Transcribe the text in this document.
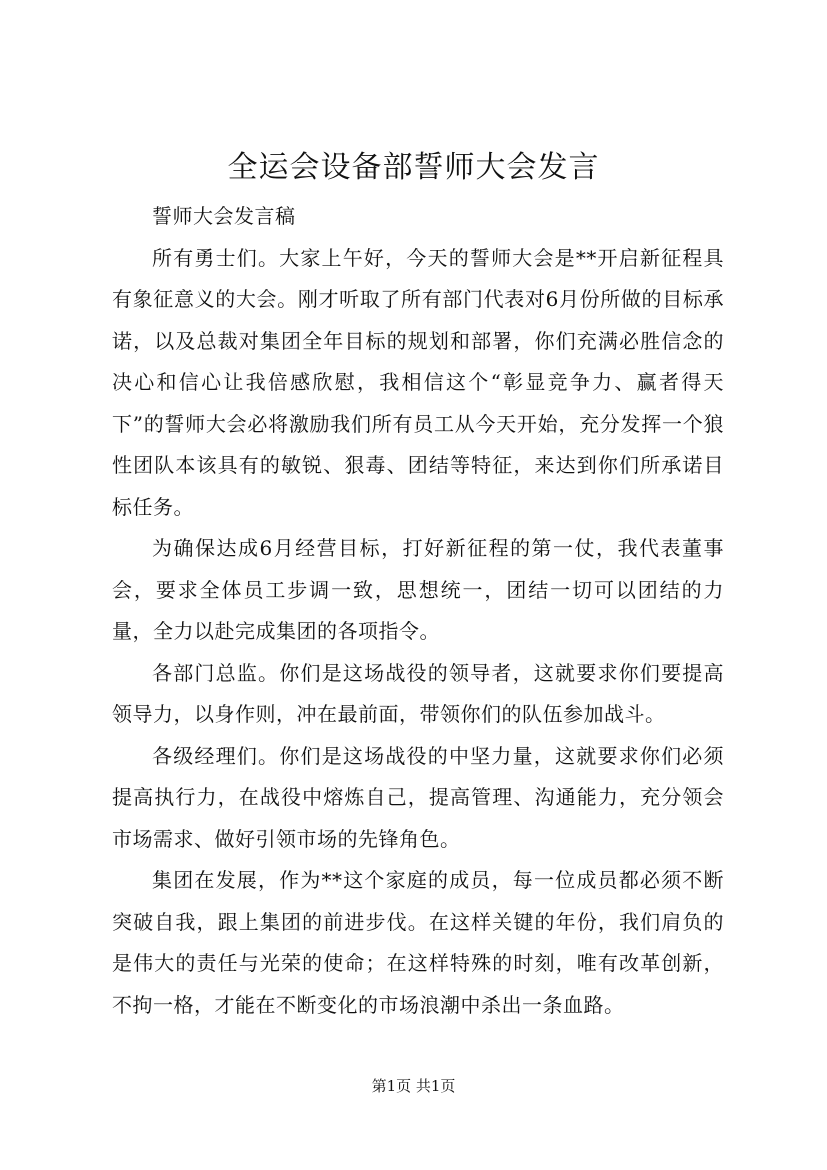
全运会设备部誓师大会发言

誓师大会发言稿

所有勇士们。大家上午好，今天的誓师大会是**开启新征程具有象征意义的大会。刚才听取了所有部门代表对6月份所做的目标承诺，以及总裁对集团全年目标的规划和部署，你们充满必胜信念的决心和信心让我倍感欣慰，我相信这个“彰显竞争力、赢者得天下”的誓师大会必将激励我们所有员工从今天开始，充分发挥一个狼性团队本该具有的敏锐、狠毒、团结等特征，来达到你们所承诺目标任务。

为确保达成6月经营目标，打好新征程的第一仗，我代表董事会，要求全体员工步调一致，思想统一，团结一切可以团结的力量，全力以赴完成集团的各项指令。

各部门总监。你们是这场战役的领导者，这就要求你们要提高领导力，以身作则，冲在最前面，带领你们的队伍参加战斗。

各级经理们。你们是这场战役的中坚力量，这就要求你们必须提高执行力，在战役中熔炼自己，提高管理、沟通能力，充分领会市场需求、做好引领市场的先锋角色。

集团在发展，作为**这个家庭的成员，每一位成员都必须不断突破自我，跟上集团的前进步伐。在这样关键的年份，我们肩负的是伟大的责任与光荣的使命；在这样特殊的时刻，唯有改革创新，不拘一格，才能在不断变化的市场浪潮中杀出一条血路。

第1页 共1页
